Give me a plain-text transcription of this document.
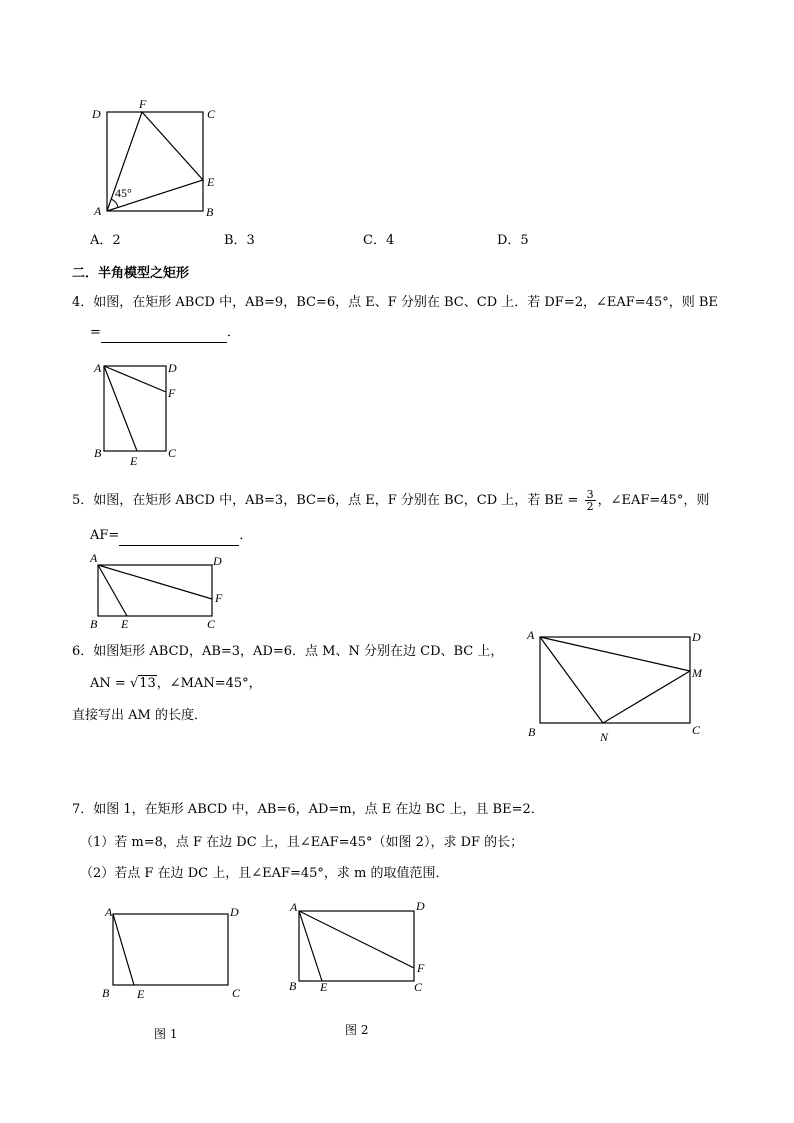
D
F
C
E
A	B
45°
A．2	B．3	C．4	D．5
二．半角模型之矩形
4．如图，在矩形 ABCD 中，AB=9，BC=6，点 E、F 分别在 BC、CD 上．若 DF=2，∠EAF=45°，则 BE
=	．
A	D
F
B
E
C
5．如图，在矩形 ABCD 中，AB=3，BC=6，点 E，F 分别在 BC，CD 上，若 BE = $\frac{3}{2}$ ，∠EAF=45°，则
AF=	．
A	D
F
B E	C
6．如图矩形 ABCD，AB=3，AD=6．点 M、N 分别在边 CD、BC 上，
AN = √13，∠MAN=45°，
直接写出 AM 的长度．
A	D
M
B	N	C
7．如图 1，在矩形 ABCD 中，AB=6，AD=m，点 E 在边 BC 上，且 BE=2．
（1）若 m=8，点 F 在边 DC 上，且∠EAF=45°（如图 2），求 DF 的长；
（2）若点 F 在边 DC 上，且∠EAF=45°，求 m 的取值范围．
A	D
B E	C
图 1
A	D
F
B E	C
图 2
